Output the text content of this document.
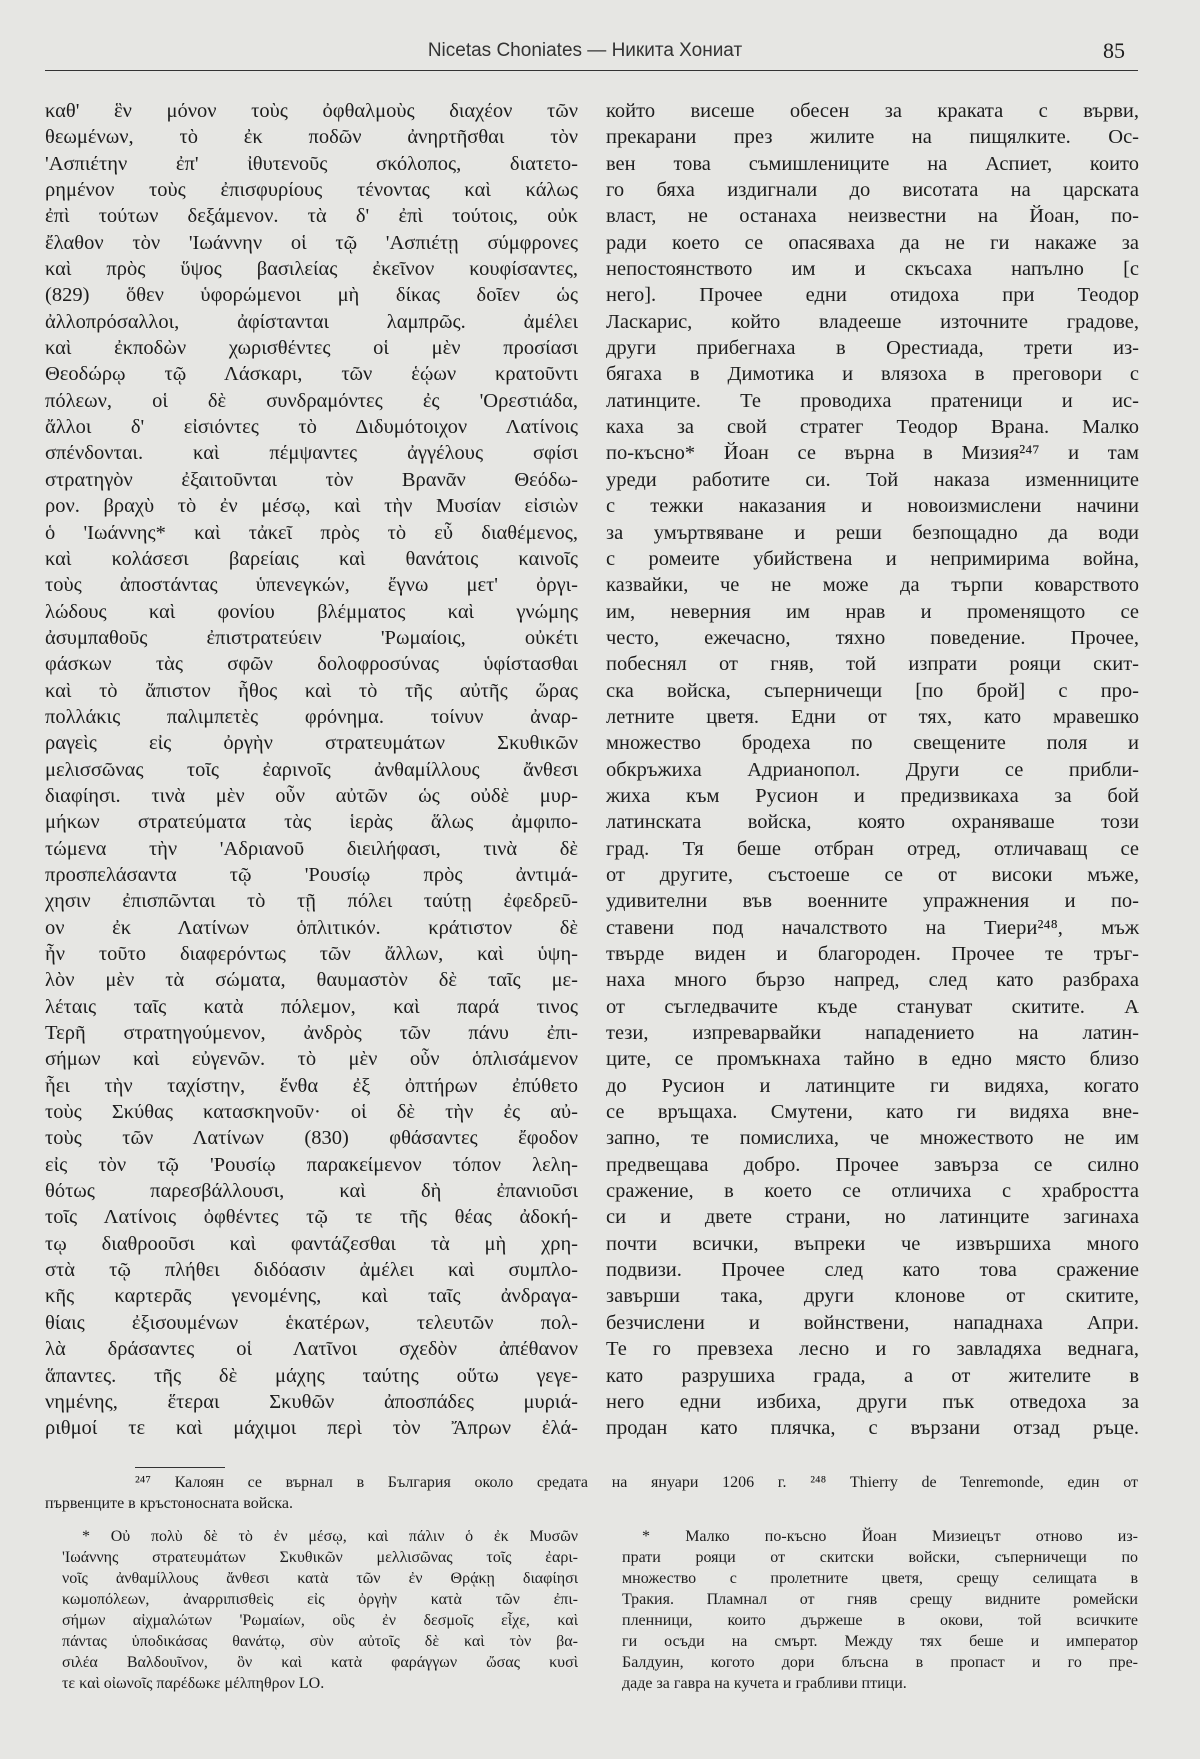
Nicetas Choniates — Никита Хониат	85
καθ' ἓν μόνον τοὺς ὀφθαλμοὺς διαχέον τῶν
θεωμένων, τὸ ἐκ ποδῶν ἀνηρτῆσθαι τὸν
'Ασπιέτην ἐπ' ἰθυτενοῦς σκόλοπος, διατετο-
ρημένον τοὺς ἐπισφυρίους τένοντας καὶ κάλως
ἐπὶ τούτων δεξάμενον. τὰ δ' ἐπὶ τούτοις, οὐκ
ἔλαθον τὸν 'Ιωάννην οἱ τῷ 'Ασπιέτῃ σύμφρονες
καὶ πρὸς ὕψος βασιλείας ἐκεῖνον κουφίσαντες,
(829) ὅθεν ὑφορώμενοι μὴ δίκας δοῖεν ὡς
ἀλλοπρόσαλλοι, ἀφίστανται λαμπρῶς. ἀμέλει
καὶ ἐκποδὼν χωρισθέντες οἱ μὲν προσίασι
Θεοδώρῳ τῷ Λάσκαρι, τῶν ἑῴων κρατοῦντι
πόλεων, οἱ δὲ συνδραμόντες ἐς 'Ορεστιάδα,
ἄλλοι δ' εἰσιόντες τὸ Διδυμότοιχον Λατίνοις
σπένδονται. καὶ πέμψαντες ἀγγέλους σφίσι
στρατηγὸν ἐξαιτοῦνται τὸν Βρανᾶν Θεόδω-
ρον. βραχὺ τὸ ἐν μέσῳ, καὶ τὴν Μυσίαν εἰσιὼν
ὁ 'Ιωάννης* καὶ τἀκεῖ πρὸς τὸ εὖ διαθέμενος,
καὶ κολάσεσι βαρείαις καὶ θανάτοις καινοῖς
τοὺς ἀποστάντας ὑπενεγκών, ἔγνω μετ' ὀργι-
λώδους καὶ φονίου βλέμματος καὶ γνώμης
ἀσυμπαθοῦς ἐπιστρατεύειν 'Ρωμαίοις, οὐκέτι
φάσκων τὰς σφῶν δολοφροσύνας ὑφίστασθαι
καὶ τὸ ἄπιστον ἦθος καὶ τὸ τῆς αὐτῆς ὥρας
πολλάκις παλιμπετὲς φρόνημα. τοίνυν ἀναρ-
ραγεὶς εἰς ὀργὴν στρατευμάτων Σκυθικῶν
μελισσῶνας τοῖς ἐαρινοῖς ἀνθαμίλλους ἄνθεσι
διαφίησι. τινὰ μὲν οὖν αὐτῶν ὡς οὐδὲ μυρ-
μήκων στρατεύματα τὰς ἱερὰς ἅλως ἀμφιπο-
τώμενα τὴν 'Αδριανοῦ διειλήφασι, τινὰ δὲ
προσπελάσαντα τῷ 'Ρουσίῳ πρὸς ἀντιμά-
χησιν ἐπισπῶνται τὸ τῇ πόλει ταύτῃ ἐφεδρεῦ-
ον ἐκ Λατίνων ὁπλιτικόν. κράτιστον δὲ
ἦν τοῦτο διαφερόντως τῶν ἄλλων, καὶ ὑψη-
λὸν μὲν τὰ σώματα, θαυμαστὸν δὲ ταῖς με-
λέταις ταῖς κατὰ πόλεμον, καὶ παρά τινος
Τερῆ στρατηγούμενον, ἀνδρὸς τῶν πάνυ ἐπι-
σήμων καὶ εὐγενῶν. τὸ μὲν οὖν ὁπλισάμενον
ἧει τὴν ταχίστην, ἔνθα ἐξ ὀπτήρων ἐπύθετο
τοὺς Σκύθας κατασκηνοῦν· οἱ δὲ τὴν ἐς αὐ-
τοὺς τῶν Λατίνων (830) φθάσαντες ἔφοδον
εἰς τὸν τῷ 'Ρουσίῳ παρακείμενον τόπον λελη-
θότως παρεσβάλλουσι, καὶ δὴ ἐπανιοῦσι
τοῖς Λατίνοις ὀφθέντες τῷ τε τῆς θέας ἀδοκή-
τῳ διαθροοῦσι καὶ φαντάζεσθαι τὰ μὴ χρη-
στὰ τῷ πλήθει διδόασιν ἀμέλει καὶ συμπλο-
κῆς καρτερᾶς γενομένης, καὶ ταῖς ἀνδραγα-
θίαις ἐξισουμένων ἑκατέρων, τελευτῶν πολ-
λὰ δράσαντες οἱ Λατῖνοι σχεδὸν ἀπέθανον
ἅπαντες. τῆς δὲ μάχης ταύτης οὕτω γεγε-
νημένης, ἕτεραι Σκυθῶν ἀποσπάδες μυριά-
ριθμοί τε καὶ μάχιμοι περὶ τὸν Ἄπρων ἐλά-
който висеше обесен за краката с върви,
прекарани през жилите на пищялките. Ос-
вен това съмишлениците на Аспиет, които
го бяха издигнали до висотата на царската
власт, не останаха неизвестни на Йоан, по-
ради което се опасяваха да не ги накаже за
непостоянството им и скъсаха напълно [с
него]. Прочее едни отидоха при Теодор
Ласкарис, който владееше източните градове,
други прибегнаха в Орестиада, трети из-
бягаха в Димотика и влязоха в преговори с
латинците. Те проводиха пратеници и ис-
каха за свой стратег Теодор Врана. Малко
по-късно* Йоан се върна в Мизия²⁴⁷ и там
уреди работите си. Той наказа изменниците
с тежки наказания и новоизмислени начини
за умъртвяване и реши безпощадно да води
с ромеите убийствена и непримирима война,
казвайки, че не може да търпи коварството
им, неверния им нрав и променящото се
често, ежечасно, тяхно поведение. Прочее,
побеснял от гняв, той изпрати рояци скит-
ска войска, съперничещи [по брой] с про-
летните цветя. Едни от тях, като мравешко
множество бродеха по свещените поля и
обкръжиха Адрианопол. Други се прибли-
жиха към Русион и предизвикаха за бой
латинската войска, която охраняваше този
град. Тя беше отбран отред, отличаващ се
от другите, състоеше се от високи мъже,
удивителни във военните упражнения и по-
ставени под началството на Тиери²⁴⁸, мъж
твърде виден и благороден. Прочее те тръг-
наха много бързо напред, след като разбраха
от съгледвачите къде стануват скитите. А
тези, изпреварвайки нападението на латин-
ците, се промъкнаха тайно в едно място близо
до Русион и латинците ги видяха, когато
се връщаха. Смутени, като ги видяха вне-
запно, те помислиха, че множеството не им
предвещава добро. Прочее завърза се силно
сражение, в което се отличиха с храбростта
си и двете страни, но латинците загинаха
почти всички, въпреки че извършиха много
подвизи. Прочее след като това сражение
завърши така, други клонове от скитите,
безчислени и войнствени, нападнаха Апри.
Те го превзеха лесно и го завладяха веднага,
като разрушиха града, а от жителите в
него едни избиха, други пък отведоха за
продан като плячка, с вързани отзад ръце.
²⁴⁷ Калоян се върнал в България около средата на януари 1206 г. ²⁴⁸ Thierry de Tenremonde, един от
първенците в кръстоносната войска.
* Οὐ πολὺ δὲ τὸ ἐν μέσῳ, καὶ πάλιν ὁ ἐκ Μυσῶν
'Ιωάννης στρατευμάτων Σκυθικῶν μελλισῶνας τοῖς ἐαρι-
νοῖς ἀνθαμίλλους ἄνθεσι κατὰ τῶν ἐν Θρᾴκῃ διαφίησι
κωμοπόλεων, ἀναρριπισθεὶς εἰς ὀργὴν κατὰ τῶν ἐπι-
σήμων αἰχμαλώτων 'Ρωμαίων, οὓς ἐν δεσμοῖς εἶχε, καὶ
πάντας ὑποδικάσας θανάτῳ, σὺν αὐτοῖς δὲ καὶ τὸν βα-
σιλέα Βαλδουῖνον, ὃν καὶ κατὰ φαράγγων ὤσας κυσὶ
τε καὶ οἰωνοῖς παρέδωκε μέλπηθρον LO.
* Малко по-късно Йоан Мизиецът отново из-
прати рояци от скитски войски, съперничещи по
множество с пролетните цветя, срещу селищата в
Тракия. Пламнал от гняв срещу видните ромейски
пленници, които държеше в окови, той всичките
ги осъди на смърт. Между тях беше и император
Балдуин, когото дори блъсна в пропаст и го пре-
даде за гавра на кучета и грабливи птици.
